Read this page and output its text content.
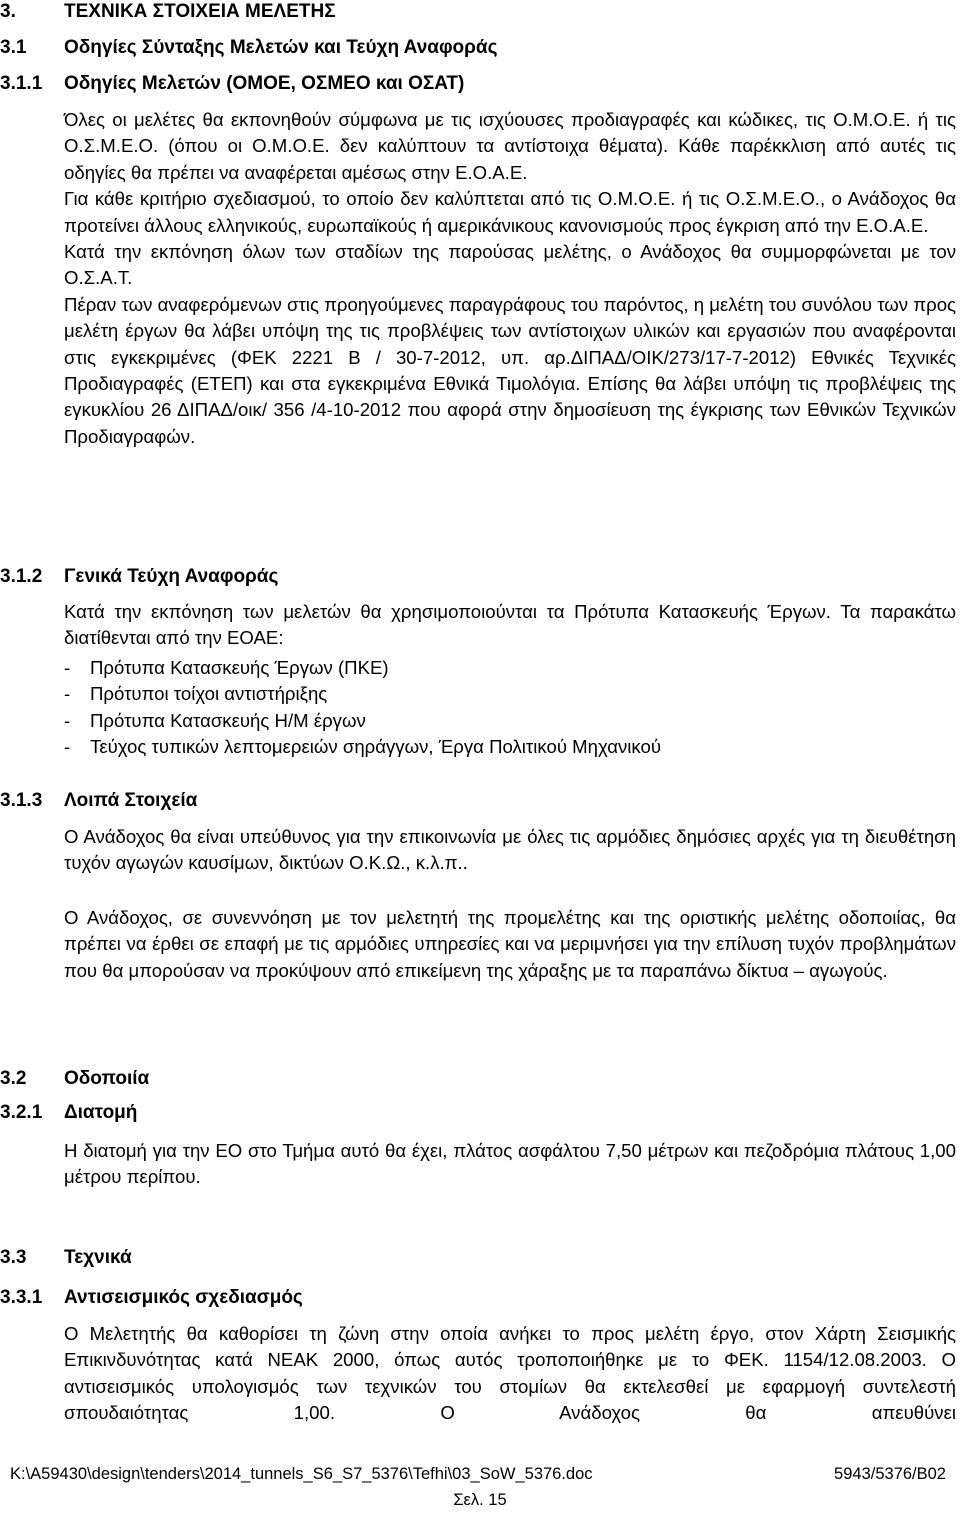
3.	ΤΕΧΝΙΚΑ ΣΤΟΙΧΕΙΑ ΜΕΛΕΤΗΣ
3.1 Οδηγίες Σύνταξης Μελετών και Τεύχη Αναφοράς
3.1.1 Οδηγίες Μελετών (ΟΜΟΕ, ΟΣΜΕΟ και ΟΣΑΤ)

Όλες οι μελέτες θα εκπονηθούν σύμφωνα με τις ισχύουσες προδιαγραφές και κώδικες, τις Ο.Μ.Ο.Ε. ή τις Ο.Σ.Μ.Ε.Ο. (όπου οι Ο.Μ.Ο.Ε. δεν καλύπτουν τα αντίστοιχα θέματα). Κάθε παρέκκλιση από αυτές τις οδηγίες θα πρέπει να αναφέρεται αμέσως στην Ε.Ο.Α.Ε.

Για κάθε κριτήριο σχεδιασμού, το οποίο δεν καλύπτεται από τις Ο.Μ.Ο.Ε. ή τις Ο.Σ.Μ.Ε.Ο., ο Ανάδοχος θα προτείνει άλλους ελληνικούς, ευρωπαϊκούς ή αμερικάνικους κανονισμούς προς έγκριση από την Ε.Ο.Α.Ε.

Κατά την εκπόνηση όλων των σταδίων της παρούσας μελέτης, ο Ανάδοχος θα συμμορφώνεται με τον Ο.Σ.Α.Τ.

Πέραν των αναφερόμενων στις προηγούμενες παραγράφους του παρόντος, η μελέτη του συνόλου των προς μελέτη έργων θα λάβει υπόψη της τις προβλέψεις των αντίστοιχων υλικών και εργασιών που αναφέρονται στις εγκεκριμένες (ΦΕΚ 2221 Β / 30-7-2012, υπ. αρ.ΔΙΠΑΔ/ΟΙΚ/273/17-7-2012) Εθνικές Τεχνικές Προδιαγραφές (ΕΤΕΠ) και στα εγκεκριμένα Εθνικά Τιμολόγια. Επίσης θα λάβει υπόψη τις προβλέψεις της εγκυκλίου 26 ΔΙΠΑΔ/οικ/ 356 /4-10-2012 που αφορά στην δημοσίευση της έγκρισης των Εθνικών Τεχνικών Προδιαγραφών.

3.1.2 Γενικά Τεύχη Αναφοράς

Κατά την εκπόνηση των μελετών θα χρησιμοποιούνται τα Πρότυπα Κατασκευής Έργων. Τα παρακάτω διατίθενται από την ΕΟΑΕ:

- Πρότυπα Κατασκευής Έργων (ΠΚΕ)
- Πρότυποι τοίχοι αντιστήριξης
- Πρότυπα Κατασκευής Η/Μ έργων
- Τεύχος τυπικών λεπτομερειών σηράγγων, Έργα Πολιτικού Μηχανικού
3.1.3 Λοιπά Στοιχεία

Ο Ανάδοχος θα είναι υπεύθυνος για την επικοινωνία με όλες τις αρμόδιες δημόσιες αρχές για τη διευθέτηση τυχόν αγωγών καυσίμων, δικτύων Ο.Κ.Ω., κ.λ.π..

Ο Ανάδοχος, σε συνεννόηση με τον μελετητή της προμελέτης και της οριστικής μελέτης οδοποιίας, θα πρέπει να έρθει σε επαφή με τις αρμόδιες υπηρεσίες και να μεριμνήσει για την επίλυση τυχόν προβλημάτων που θα μπορούσαν να προκύψουν από επικείμενη της χάραξης με τα παραπάνω δίκτυα – αγωγούς.

3.2 Οδοποιία
3.2.1 Διατομή

Η διατομή για την ΕΟ στο Τμήμα αυτό θα έχει, πλάτος ασφάλτου 7,50 μέτρων και πεζοδρόμια πλάτους 1,00 μέτρου περίπου.

3.3 Τεχνικά
3.3.1 Αντισεισμικός σχεδιασμός

Ο Μελετητής θα καθορίσει τη ζώνη στην οποία ανήκει το προς μελέτη έργο, στον Χάρτη Σεισμικής Επικινδυνότητας κατά ΝΕΑΚ 2000, όπως αυτός τροποποιήθηκε με το ΦΕΚ. 1154/12.08.2003. Ο αντισεισμικός υπολογισμός των τεχνικών του στομίων θα εκτελεσθεί με εφαρμογή συντελεστή σπουδαιότητας 1,00. Ο Ανάδοχος θα απευθύνει

K:\A59430\design\tenders\2014_tunnels_S6_S7_5376\Tefhi\03_SoW_5376.doc	5943/5376/B02
Σελ. 15
